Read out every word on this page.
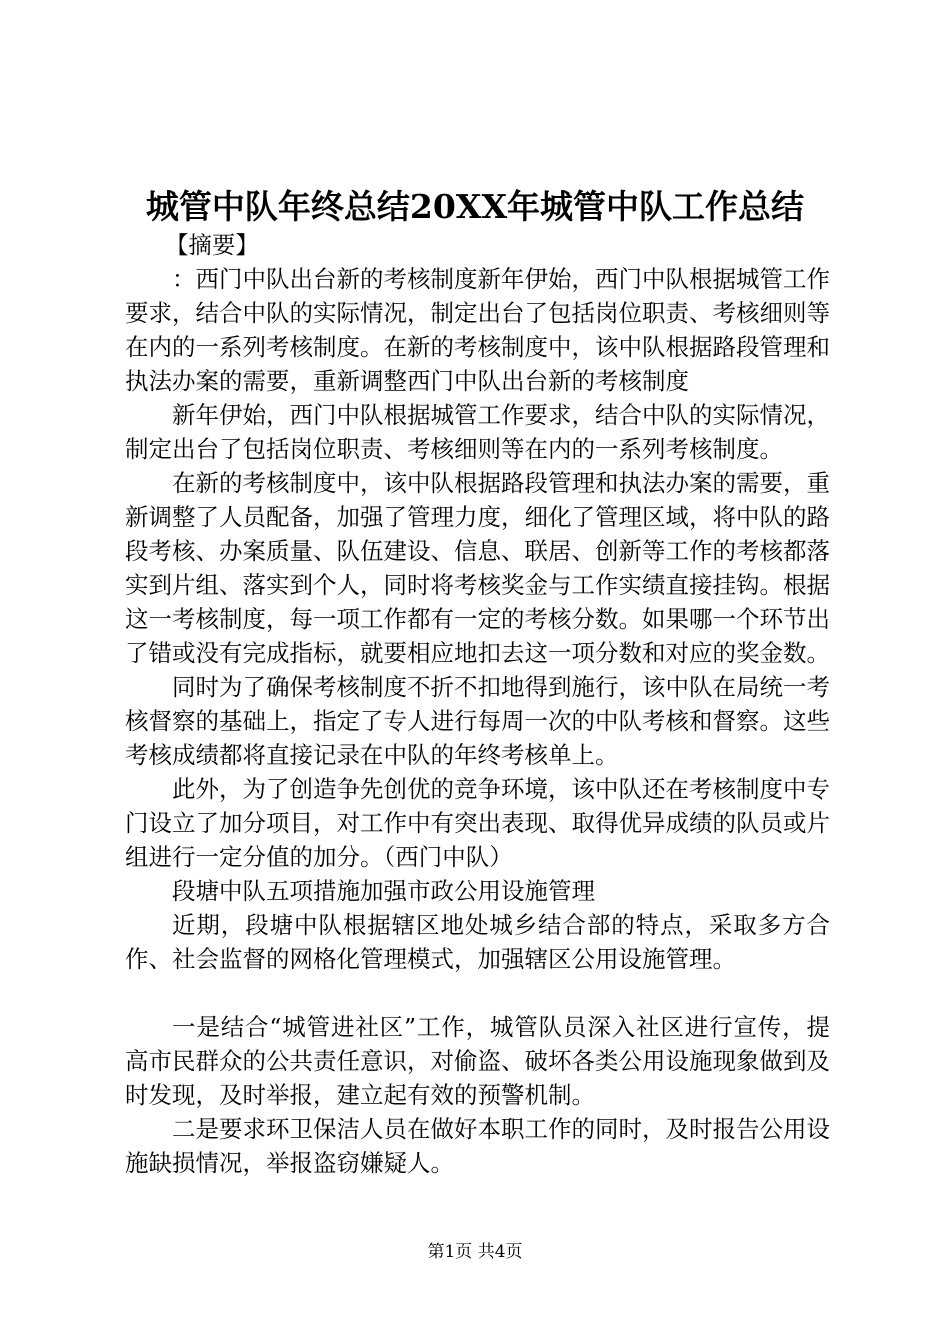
城管中队年终总结20XX年城管中队工作总结

【摘要】

：西门中队出台新的考核制度新年伊始，西门中队根据城管工作要求，结合中队的实际情况，制定出台了包括岗位职责、考核细则等在内的一系列考核制度。在新的考核制度中，该中队根据路段管理和执法办案的需要，重新调整西门中队出台新的考核制度

新年伊始，西门中队根据城管工作要求，结合中队的实际情况，制定出台了包括岗位职责、考核细则等在内的一系列考核制度。

在新的考核制度中，该中队根据路段管理和执法办案的需要，重新调整了人员配备，加强了管理力度，细化了管理区域，将中队的路段考核、办案质量、队伍建设、信息、联居、创新等工作的考核都落实到片组、落实到个人，同时将考核奖金与工作实绩直接挂钩。根据这一考核制度，每一项工作都有一定的考核分数。如果哪一个环节出了错或没有完成指标，就要相应地扣去这一项分数和对应的奖金数。

同时为了确保考核制度不折不扣地得到施行，该中队在局统一考核督察的基础上，指定了专人进行每周一次的中队考核和督察。这些考核成绩都将直接记录在中队的年终考核单上。

此外，为了创造争先创优的竞争环境，该中队还在考核制度中专门设立了加分项目，对工作中有突出表现、取得优异成绩的队员或片组进行一定分值的加分。（西门中队）

段塘中队五项措施加强市政公用设施管理

近期，段塘中队根据辖区地处城乡结合部的特点，采取多方合作、社会监督的网格化管理模式，加强辖区公用设施管理。

一是结合“城管进社区”工作，城管队员深入社区进行宣传，提高市民群众的公共责任意识，对偷盗、破坏各类公用设施现象做到及时发现，及时举报，建立起有效的预警机制。

二是要求环卫保洁人员在做好本职工作的同时，及时报告公用设施缺损情况，举报盗窃嫌疑人。

第1页 共4页
